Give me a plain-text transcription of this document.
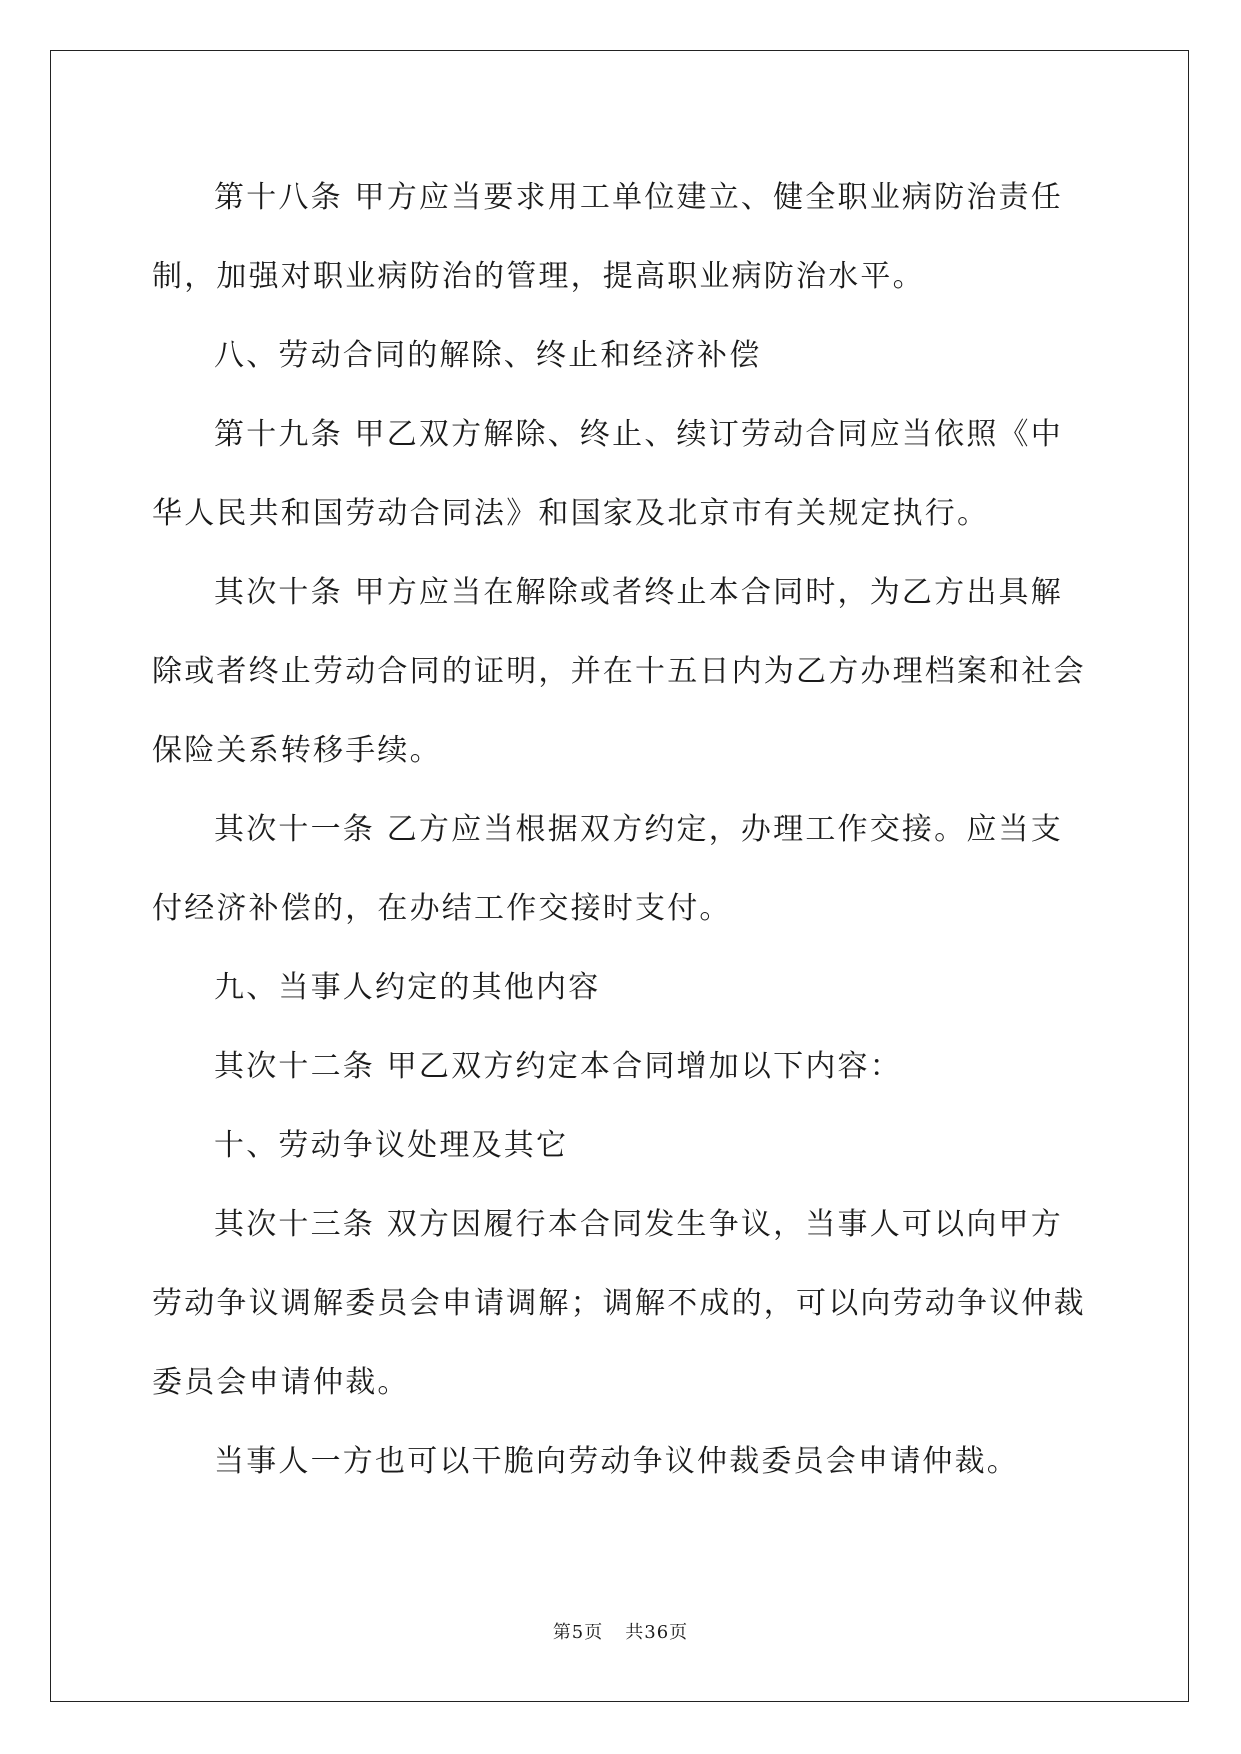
第十八条 甲方应当要求用工单位建立、健全职业病防治责任制，加强对职业病防治的管理，提高职业病防治水平。

八、劳动合同的解除、终止和经济补偿

第十九条 甲乙双方解除、终止、续订劳动合同应当依照《中华人民共和国劳动合同法》和国家及北京市有关规定执行。

其次十条 甲方应当在解除或者终止本合同时，为乙方出具解除或者终止劳动合同的证明，并在十五日内为乙方办理档案和社会保险关系转移手续。

其次十一条 乙方应当根据双方约定，办理工作交接。应当支付经济补偿的，在办结工作交接时支付。

九、当事人约定的其他内容

其次十二条 甲乙双方约定本合同增加以下内容：

十、劳动争议处理及其它

其次十三条 双方因履行本合同发生争议，当事人可以向甲方劳动争议调解委员会申请调解；调解不成的，可以向劳动争议仲裁委员会申请仲裁。

当事人一方也可以干脆向劳动争议仲裁委员会申请仲裁。

第5页 共36页
